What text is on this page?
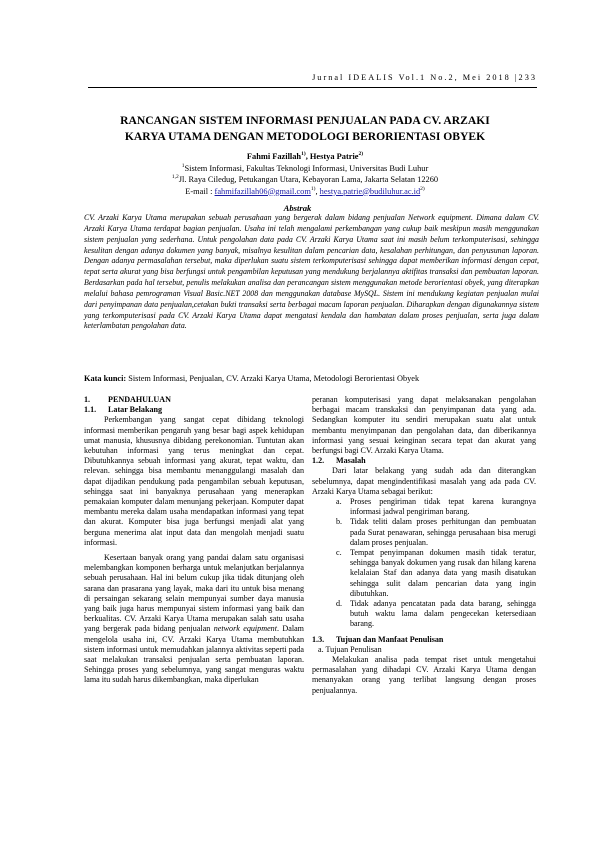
Jurnal IDEALIS Vol.1 No.2, Mei 2018 |233
RANCANGAN SISTEM INFORMASI PENJUALAN PADA CV. ARZAKI
KARYA UTAMA DENGAN METODOLOGI BERORIENTASI OBYEK
Fahmi Fazillah$^{1)}$, Hestya Patrie$^{2)}$
$^1$Sistem Informasi, Fakultas Teknologi Informasi, Universitas Budi Luhur
$^{1,2}$Jl. Raya Ciledug, Petukangan Utara, Kebayoran Lama, Jakarta Selatan 12260
E-mail : fahmifazillah06@gmail.com$^{1)}$, $hestya.patrie@budiluhur.ac.id^{2)}$
Abstrak
CV. Arzaki Karya Utama merupakan sebuah perusahaan yang bergerak dalam bidang penjualan Network equipment. Dimana dalam CV. Arzaki Karya Utama terdapat bagian penjualan. Usaha ini telah mengalami perkembangan yang cukup baik meskipun masih menggunakan sistem penjualan yang sederhana. Untuk pengolahan data pada CV. Arzaki Karya Utama saat ini masih belum terkomputerisasi, sehingga kesulitan dengan adanya dokumen yang banyak, misalnya kesulitan dalam pencarian data, kesalahan perhitungan, dan penyusunan laporan. Dengan adanya permasalahan tersebut, maka diperlukan suatu sistem terkomputerisasi sehingga dapat memberikan informasi dengan cepat, tepat serta akurat yang bisa berfungsi untuk pengambilan keputusan yang mendukung berjalannya aktifitas transaksi dan pembuatan laporan. Berdasarkan pada hal tersebut, penulis melakukan analisa dan perancangan sistem menggunakan metode berorientasi obyek, yang diterapkan melalui bahasa pemrograman Visual Basic.NET 2008 dan menggunakan database MySQL. Sistem ini mendukung kegiatan penjualan mulai dari penyimpanan data penjualan,cetakan bukti transaksi serta berbagai macam laporan penjualan. Diharapkan dengan digunakannya sistem yang terkomputerisasi pada CV. Arzaki Karya Utama dapat mengatasi kendala dan hambatan dalam proses penjualan, serta juga dalam keterlambatan pengolahan data.
Kata kunci: Sistem Informasi, Penjualan, CV. Arzaki Karya Utama, Metodologi Berorientasi Obyek

1. PENDAHULUAN

1.1. Latar Belakang

Perkembangan yang sangat cepat dibidang teknologi informasi memberikan pengaruh yang besar bagi aspek kehidupan umat manusia, khususnya dibidang perekonomian. Tuntutan akan kebutuhan informasi yang terus meningkat dan cepat. Dibutuhkannya sebuah informasi yang akurat, tepat waktu, dan relevan. sehingga bisa membantu menanggulangi masalah dan dapat dijadikan pendukung pada pengambilan sebuah keputusan, sehingga saat ini banyaknya perusahaan yang menerapkan pemakaian komputer dalam menunjang pekerjaan. Komputer dapat membantu mereka dalam usaha mendapatkan informasi yang tepat dan akurat. Komputer bisa juga berfungsi menjadi alat yang berguna menerima alat input data dan mengolah menjadi suatu informasi.

Kesertaan banyak orang yang pandai dalam satu organisasi melembangkan komponen berharga untuk melanjutkan berjalannya sebuah perusahaan. Hal ini belum cukup jika tidak ditunjang oleh sarana dan prasarana yang layak, maka dari itu untuk bisa menang di persaingan sekarang selain mempunyai sumber daya manusia yang baik juga harus mempunyai sistem informasi yang baik dan berkualitas. CV. Arzaki Karya Utama merupakan salah satu usaha yang bergerak pada bidang penjualan network equipment. Dalam mengelola usaha ini, CV. Arzaki Karya Utama membutuhkan sistem informasi untuk memudahkan jalannya aktivitas seperti pada saat melakukan transaksi penjualan serta pembuatan laporan. Sehingga proses yang sebelumnya, yang sangat menguras waktu lama itu sudah harus dikembangkan, maka diperlukan

peranan komputerisasi yang dapat melaksanakan pengolahan berbagai macam transkaksi dan penyimpanan data yang ada. Sedangkan komputer itu sendiri merupakan suatu alat untuk membantu menyimpanan dan pengolahan data, dan diberikannya informasi yang sesuai keinginan secara tepat dan akurat yang berfungsi bagi CV. Arzaki Karya Utama.

1.2. Masalah

Dari latar belakang yang sudah ada dan diterangkan sebelumnya, dapat mengindentifikasi masalah yang ada pada CV. Arzaki Karya Utama sebagai berikut:

a. Proses pengiriman tidak tepat karena kurangnya informasi jadwal pengiriman barang.

b. Tidak teliti dalam proses perhitungan dan pembuatan pada Surat penawaran, sehingga perusahaan bisa merugi dalam proses penjualan.

c. Tempat penyimpanan dokumen masih tidak teratur, sehingga banyak dokumen yang rusak dan hilang karena kelalaian Staf dan adanya data yang masih disatukan sehingga sulit dalam pencarian data yang ingin dibutuhkan.

d. Tidak adanya pencatatan pada data barang, sehingga butuh waktu lama dalam pengecekan ketersediaan barang.

1.3. Tujuan dan Manfaat Penulisan

a. Tujuan Penulisan

Melakukan analisa pada tempat riset untuk mengetahui permasalahan yang dihadapi CV. Arzaki Karya Utama dengan menanyakan orang yang terlibat langsung dengan proses penjualannya.
